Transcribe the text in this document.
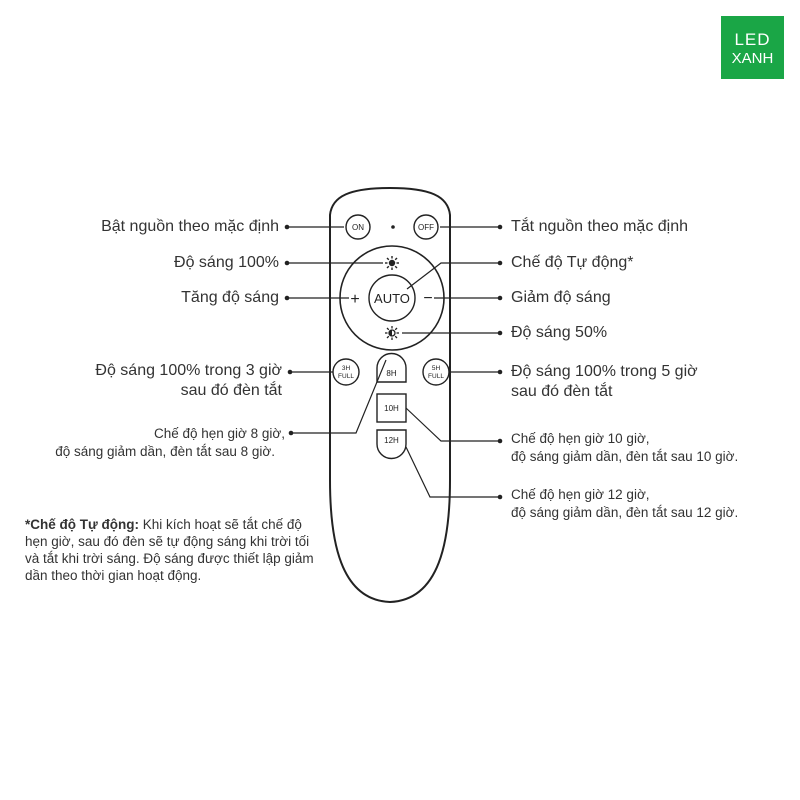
LED
XANH
ON	OFF
AUTO
+	−
3H
FULL
5H
FULL
8H
10H
12H
Bật nguồn theo mặc định
Độ sáng 100%
Tăng độ sáng
Độ sáng 100% trong 3 giờ
sau đó đèn tắt
Chế độ hẹn giờ 8 giờ,
độ sáng giảm dần, đèn tắt sau 8 giờ.
Tắt nguồn theo mặc định
Chế độ Tự động*
Giảm độ sáng
Độ sáng 50%
Độ sáng 100% trong 5 giờ
sau đó đèn tắt
Chế độ hẹn giờ 10 giờ,
độ sáng giảm dần, đèn tắt sau 10 giờ.
Chế độ hẹn giờ 12 giờ,
độ sáng giảm dần, đèn tắt sau 12 giờ.
*Chế độ Tự động: Khi kích hoạt sẽ tắt chế độ hẹn giờ, sau đó đèn sẽ tự động sáng khi trời tối và tắt khi trời sáng. Độ sáng được thiết lập giảm dần theo thời gian hoạt động.
